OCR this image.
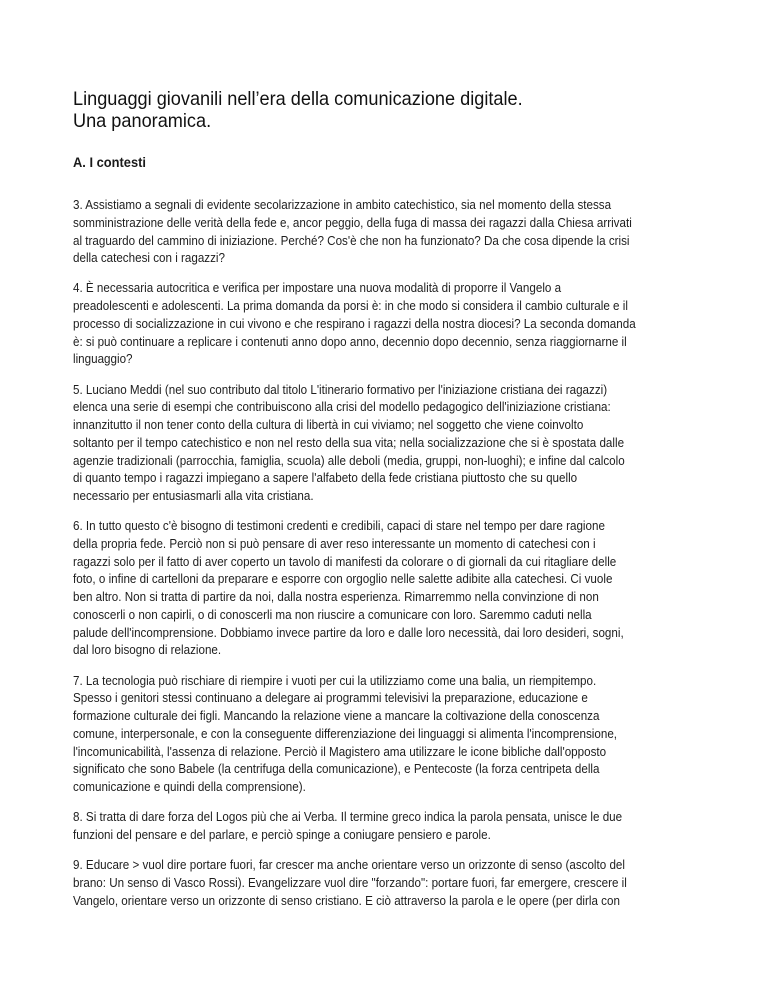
Linguaggi giovanili nell’era della comunicazione digitale.
Una panoramica.
A. I contesti

3. Assistiamo a segnali di evidente secolarizzazione in ambito catechistico, sia nel momento della stessa
somministrazione delle verità della fede e, ancor peggio, della fuga di massa dei ragazzi dalla Chiesa arrivati
al traguardo del cammino di iniziazione. Perché? Cos'è che non ha funzionato? Da che cosa dipende la crisi
della catechesi con i ragazzi?

4. È necessaria autocritica e verifica per impostare una nuova modalità di proporre il Vangelo a
preadolescenti e adolescenti. La prima domanda da porsi è: in che modo si considera il cambio culturale e il
processo di socializzazione in cui vivono e che respirano i ragazzi della nostra diocesi? La seconda domanda
è: si può continuare a replicare i contenuti anno dopo anno, decennio dopo decennio, senza riaggiornarne il
linguaggio?

5. Luciano Meddi (nel suo contributo dal titolo L'itinerario formativo per l'iniziazione cristiana dei ragazzi)
elenca una serie di esempi che contribuiscono alla crisi del modello pedagogico dell'iniziazione cristiana:
innanzitutto il non tener conto della cultura di libertà in cui viviamo; nel soggetto che viene coinvolto
soltanto per il tempo catechistico e non nel resto della sua vita; nella socializzazione che si è spostata dalle
agenzie tradizionali (parrocchia, famiglia, scuola) alle deboli (media, gruppi, non-luoghi); e infine dal calcolo
di quanto tempo i ragazzi impiegano a sapere l'alfabeto della fede cristiana piuttosto che su quello
necessario per entusiasmarli alla vita cristiana.

6. In tutto questo c'è bisogno di testimoni credenti e credibili, capaci di stare nel tempo per dare ragione
della propria fede. Perciò non si può pensare di aver reso interessante un momento di catechesi con i
ragazzi solo per il fatto di aver coperto un tavolo di manifesti da colorare o di giornali da cui ritagliare delle
foto, o infine di cartelloni da preparare e esporre con orgoglio nelle salette adibite alla catechesi. Ci vuole
ben altro. Non si tratta di partire da noi, dalla nostra esperienza. Rimarremmo nella convinzione di non
conoscerli o non capirli, o di conoscerli ma non riuscire a comunicare con loro. Saremmo caduti nella
palude dell'incomprensione. Dobbiamo invece partire da loro e dalle loro necessità, dai loro desideri, sogni,
dal loro bisogno di relazione.

7. La tecnologia può rischiare di riempire i vuoti per cui la utilizziamo come una balia, un riempitempo.
Spesso i genitori stessi continuano a delegare ai programmi televisivi la preparazione, educazione e
formazione culturale dei figli. Mancando la relazione viene a mancare la coltivazione della conoscenza
comune, interpersonale, e con la conseguente differenziazione dei linguaggi si alimenta l'incomprensione,
l'incomunicabilità, l'assenza di relazione. Perciò il Magistero ama utilizzare le icone bibliche dall'opposto
significato che sono Babele (la centrifuga della comunicazione), e Pentecoste (la forza centripeta della
comunicazione e quindi della comprensione).

8. Si tratta di dare forza del Logos più che ai Verba. Il termine greco indica la parola pensata, unisce le due
funzioni del pensare e del parlare, e perciò spinge a coniugare pensiero e parole.

9. Educare > vuol dire portare fuori, far crescer ma anche orientare verso un orizzonte di senso (ascolto del
brano: Un senso di Vasco Rossi). Evangelizzare vuol dire "forzando": portare fuori, far emergere, crescere il
Vangelo, orientare verso un orizzonte di senso cristiano. E ciò attraverso la parola e le opere (per dirla con
